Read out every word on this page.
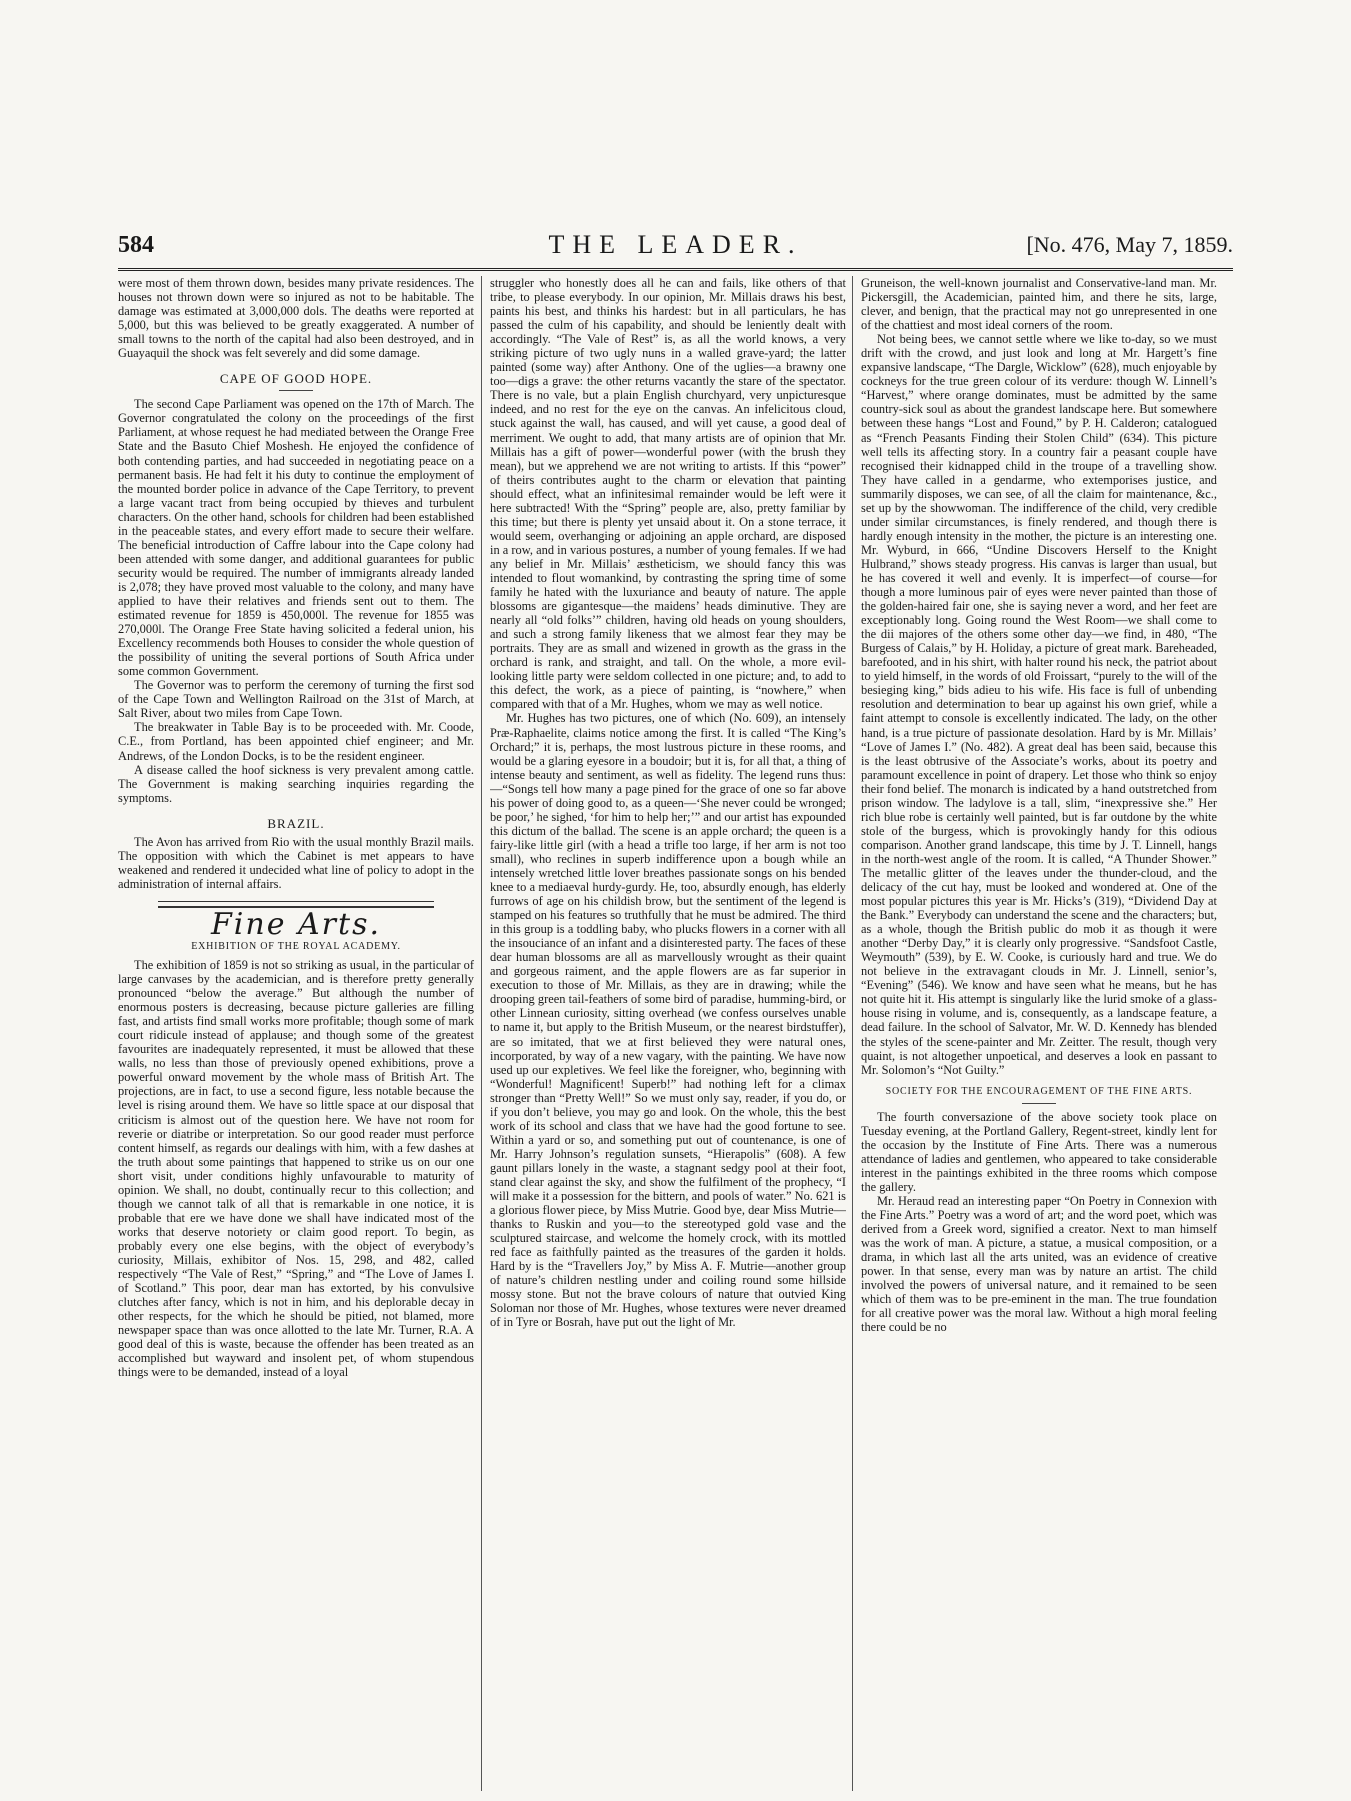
584	THE LEADER.	[No. 476, May 7, 1859.

were most of them thrown down, besides many private residences. The houses not thrown down were so injured as not to be habitable. The damage was estimated at 3,000,000 dols. The deaths were reported at 5,000, but this was believed to be greatly exaggerated. A number of small towns to the north of the capital had also been destroyed, and in Guayaquil the shock was felt severely and did some damage.

CAPE OF GOOD HOPE.

The second Cape Parliament was opened on the 17th of March. The Governor congratulated the colony on the proceedings of the first Parliament, at whose request he had mediated between the Orange Free State and the Basuto Chief Moshesh. He enjoyed the confidence of both contending parties, and had succeeded in negotiating peace on a permanent basis. He had felt it his duty to continue the employment of the mounted border police in advance of the Cape Territory, to prevent a large vacant tract from being occupied by thieves and turbulent characters. On the other hand, schools for children had been established in the peaceable states, and every effort made to secure their welfare. The beneficial introduction of Caffre labour into the Cape colony had been attended with some danger, and additional guarantees for public security would be required. The number of immigrants already landed is 2,078; they have proved most valuable to the colony, and many have applied to have their relatives and friends sent out to them. The estimated revenue for 1859 is 450,000l. The revenue for 1855 was 270,000l. The Orange Free State having solicited a federal union, his Excellency recommends both Houses to consider the whole question of the possibility of uniting the several portions of South Africa under some common Government.

The Governor was to perform the ceremony of turning the first sod of the Cape Town and Wellington Railroad on the 31st of March, at Salt River, about two miles from Cape Town.

The breakwater in Table Bay is to be proceeded with. Mr. Coode, C.E., from Portland, has been appointed chief engineer; and Mr. Andrews, of the London Docks, is to be the resident engineer.

A disease called the hoof sickness is very prevalent among cattle. The Government is making searching inquiries regarding the symptoms.

BRAZIL.

The Avon has arrived from Rio with the usual monthly Brazil mails. The opposition with which the Cabinet is met appears to have weakened and rendered it undecided what line of policy to adopt in the administration of internal affairs.

Fine Arts.
EXHIBITION OF THE ROYAL ACADEMY.

The exhibition of 1859 is not so striking as usual, in the particular of large canvases by the academician, and is therefore pretty generally pronounced “below the average.” But although the number of enormous posters is decreasing, because picture galleries are filling fast, and artists find small works more profitable; though some of mark court ridicule instead of applause; and though some of the greatest favourites are inadequately represented, it must be allowed that these walls, no less than those of previously opened exhibitions, prove a powerful onward movement by the whole mass of British Art. The projections, are in fact, to use a second figure, less notable because the level is rising around them. We have so little space at our disposal that criticism is almost out of the question here. We have not room for reverie or diatribe or interpretation. So our good reader must perforce content himself, as regards our dealings with him, with a few dashes at the truth about some paintings that happened to strike us on our one short visit, under conditions highly unfavourable to maturity of opinion. We shall, no doubt, continually recur to this collection; and though we cannot talk of all that is remarkable in one notice, it is probable that ere we have done we shall have indicated most of the works that deserve notoriety or claim good report. To begin, as probably every one else begins, with the object of everybody’s curiosity, Millais, exhibitor of Nos. 15, 298, and 482, called respectively “The Vale of Rest,” “Spring,” and “The Love of James I. of Scotland.” This poor, dear man has extorted, by his convulsive clutches after fancy, which is not in him, and his deplorable decay in other respects, for the which he should be pitied, not blamed, more newspaper space than was once allotted to the late Mr. Turner, R.A. A good deal of this is waste, because the offender has been treated as an accomplished but wayward and insolent pet, of whom stupendous things were to be demanded, instead of a loyal

struggler who honestly does all he can and fails, like others of that tribe, to please everybody. In our opinion, Mr. Millais draws his best, paints his best, and thinks his hardest: but in all particulars, he has passed the culm of his capability, and should be leniently dealt with accordingly. “The Vale of Rest” is, as all the world knows, a very striking picture of two ugly nuns in a walled grave-yard; the latter painted (some way) after Anthony. One of the uglies—a brawny one too—digs a grave: the other returns vacantly the stare of the spectator. There is no vale, but a plain English churchyard, very unpicturesque indeed, and no rest for the eye on the canvas. An infelicitous cloud, stuck against the wall, has caused, and will yet cause, a good deal of merriment. We ought to add, that many artists are of opinion that Mr. Millais has a gift of power—wonderful power (with the brush they mean), but we apprehend we are not writing to artists. If this “power” of theirs contributes aught to the charm or elevation that painting should effect, what an infinitesimal remainder would be left were it here subtracted! With the “Spring” people are, also, pretty familiar by this time; but there is plenty yet unsaid about it. On a stone terrace, it would seem, overhanging or adjoining an apple orchard, are disposed in a row, and in various postures, a number of young females. If we had any belief in Mr. Millais’ æstheticism, we should fancy this was intended to flout womankind, by contrasting the spring time of some family he hated with the luxuriance and beauty of nature. The apple blossoms are gigantesque—the maidens’ heads diminutive. They are nearly all “old folks’” children, having old heads on young shoulders, and such a strong family likeness that we almost fear they may be portraits. They are as small and wizened in growth as the grass in the orchard is rank, and straight, and tall. On the whole, a more evil-looking little party were seldom collected in one picture; and, to add to this defect, the work, as a piece of painting, is “nowhere,” when compared with that of a Mr. Hughes, whom we may as well notice.

Mr. Hughes has two pictures, one of which (No. 609), an intensely Præ-Raphaelite, claims notice among the first. It is called “The King’s Orchard;” it is, perhaps, the most lustrous picture in these rooms, and would be a glaring eyesore in a boudoir; but it is, for all that, a thing of intense beauty and sentiment, as well as fidelity. The legend runs thus:—“Songs tell how many a page pined for the grace of one so far above his power of doing good to, as a queen—‘She never could be wronged; be poor,’ he sighed, ‘for him to help her;’” and our artist has expounded this dictum of the ballad. The scene is an apple orchard; the queen is a fairy-like little girl (with a head a trifle too large, if her arm is not too small), who reclines in superb indifference upon a bough while an intensely wretched little lover breathes passionate songs on his bended knee to a mediaeval hurdy-gurdy. He, too, absurdly enough, has elderly furrows of age on his childish brow, but the sentiment of the legend is stamped on his features so truthfully that he must be admired. The third in this group is a toddling baby, who plucks flowers in a corner with all the insouciance of an infant and a disinterested party. The faces of these dear human blossoms are all as marvellously wrought as their quaint and gorgeous raiment, and the apple flowers are as far superior in execution to those of Mr. Millais, as they are in drawing; while the drooping green tail-feathers of some bird of paradise, humming-bird, or other Linnean curiosity, sitting overhead (we confess ourselves unable to name it, but apply to the British Museum, or the nearest birdstuffer), are so imitated, that we at first believed they were natural ones, incorporated, by way of a new vagary, with the painting. We have now used up our expletives. We feel like the foreigner, who, beginning with “Wonderful! Magnificent! Superb!” had nothing left for a climax stronger than “Pretty Well!” So we must only say, reader, if you do, or if you don’t believe, you may go and look. On the whole, this the best work of its school and class that we have had the good fortune to see. Within a yard or so, and something put out of countenance, is one of Mr. Harry Johnson’s regulation sunsets, “Hierapolis” (608). A few gaunt pillars lonely in the waste, a stagnant sedgy pool at their foot, stand clear against the sky, and show the fulfilment of the prophecy, “I will make it a possession for the bittern, and pools of water.” No. 621 is a glorious flower piece, by Miss Mutrie. Good bye, dear Miss Mutrie—thanks to Ruskin and you—to the stereotyped gold vase and the sculptured staircase, and welcome the homely crock, with its mottled red face as faithfully painted as the treasures of the garden it holds. Hard by is the “Travellers Joy,” by Miss A. F. Mutrie—another group of nature’s children nestling under and coiling round some hillside mossy stone. But not the brave colours of nature that outvied King Soloman nor those of Mr. Hughes, whose textures were never dreamed of in Tyre or Bosrah, have put out the light of Mr.

Gruneison, the well-known journalist and Conservative-land man. Mr. Pickersgill, the Academician, painted him, and there he sits, large, clever, and benign, that the practical may not go unrepresented in one of the chattiest and most ideal corners of the room.

Not being bees, we cannot settle where we like to-day, so we must drift with the crowd, and just look and long at Mr. Hargett’s fine expansive landscape, “The Dargle, Wicklow” (628), much enjoyable by cockneys for the true green colour of its verdure: though W. Linnell’s “Harvest,” where orange dominates, must be admitted by the same country-sick soul as about the grandest landscape here. But somewhere between these hangs “Lost and Found,” by P. H. Calderon; catalogued as “French Peasants Finding their Stolen Child” (634). This picture well tells its affecting story. In a country fair a peasant couple have recognised their kidnapped child in the troupe of a travelling show. They have called in a gendarme, who extemporises justice, and summarily disposes, we can see, of all the claim for maintenance, &c., set up by the showwoman. The indifference of the child, very credible under similar circumstances, is finely rendered, and though there is hardly enough intensity in the mother, the picture is an interesting one. Mr. Wyburd, in 666, “Undine Discovers Herself to the Knight Hulbrand,” shows steady progress. His canvas is larger than usual, but he has covered it well and evenly. It is imperfect—of course—for though a more luminous pair of eyes were never painted than those of the golden-haired fair one, she is saying never a word, and her feet are exceptionably long. Going round the West Room—we shall come to the dii majores of the others some other day—we find, in 480, “The Burgess of Calais,” by H. Holiday, a picture of great mark. Bareheaded, barefooted, and in his shirt, with halter round his neck, the patriot about to yield himself, in the words of old Froissart, “purely to the will of the besieging king,” bids adieu to his wife. His face is full of unbending resolution and determination to bear up against his own grief, while a faint attempt to console is excellently indicated. The lady, on the other hand, is a true picture of passionate desolation. Hard by is Mr. Millais’ “Love of James I.” (No. 482). A great deal has been said, because this is the least obtrusive of the Associate’s works, about its poetry and paramount excellence in point of drapery. Let those who think so enjoy their fond belief. The monarch is indicated by a hand outstretched from prison window. The ladylove is a tall, slim, “inexpressive she.” Her rich blue robe is certainly well painted, but is far outdone by the white stole of the burgess, which is provokingly handy for this odious comparison. Another grand landscape, this time by J. T. Linnell, hangs in the north-west angle of the room. It is called, “A Thunder Shower.” The metallic glitter of the leaves under the thunder-cloud, and the delicacy of the cut hay, must be looked and wondered at. One of the most popular pictures this year is Mr. Hicks’s (319), “Dividend Day at the Bank.” Everybody can understand the scene and the characters; but, as a whole, though the British public do mob it as though it were another “Derby Day,” it is clearly only progressive. “Sandsfoot Castle, Weymouth” (539), by E. W. Cooke, is curiously hard and true. We do not believe in the extravagant clouds in Mr. J. Linnell, senior’s, “Evening” (546). We know and have seen what he means, but he has not quite hit it. His attempt is singularly like the lurid smoke of a glass-house rising in volume, and is, consequently, as a landscape feature, a dead failure. In the school of Salvator, Mr. W. D. Kennedy has blended the styles of the scene-painter and Mr. Zeitter. The result, though very quaint, is not altogether unpoetical, and deserves a look en passant to Mr. Solomon’s “Not Guilty.”

SOCIETY FOR THE ENCOURAGEMENT OF THE FINE ARTS.

The fourth conversazione of the above society took place on Tuesday evening, at the Portland Gallery, Regent-street, kindly lent for the occasion by the Institute of Fine Arts. There was a numerous attendance of ladies and gentlemen, who appeared to take considerable interest in the paintings exhibited in the three rooms which compose the gallery.

Mr. Heraud read an interesting paper “On Poetry in Connexion with the Fine Arts.” Poetry was a word of art; and the word poet, which was derived from a Greek word, signified a creator. Next to man himself was the work of man. A picture, a statue, a musical composition, or a drama, in which last all the arts united, was an evidence of creative power. In that sense, every man was by nature an artist. The child involved the powers of universal nature, and it remained to be seen which of them was to be pre-eminent in the man. The true foundation for all creative power was the moral law. Without a high moral feeling there could be no
